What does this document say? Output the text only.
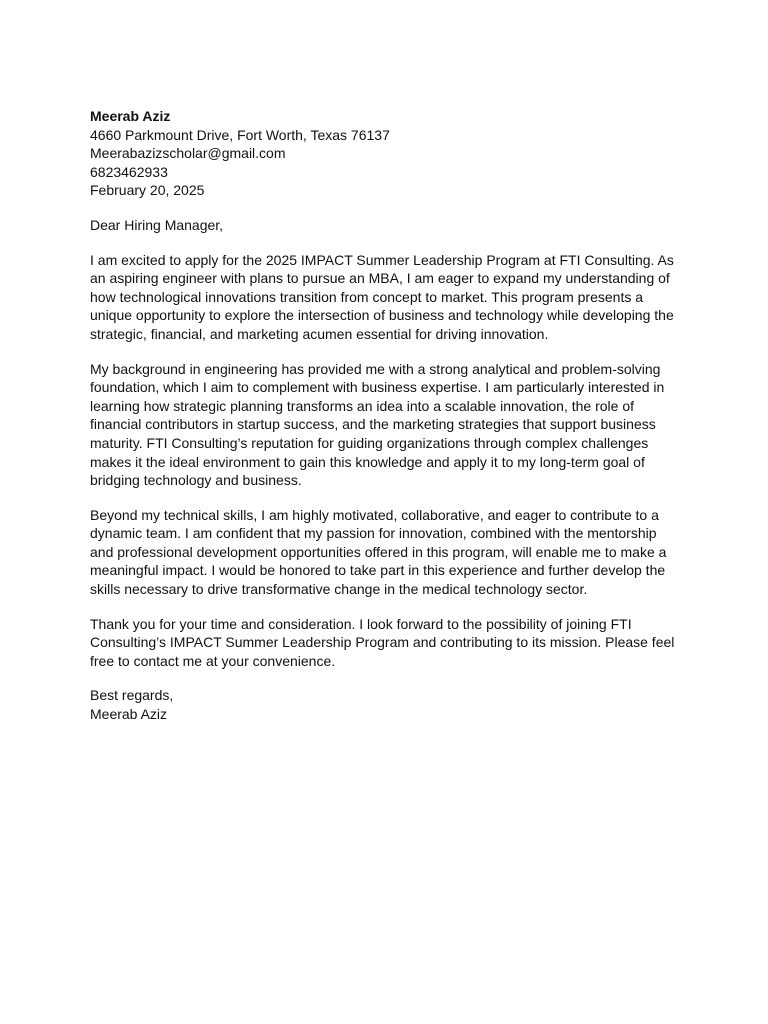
Meerab Aziz
4660 Parkmount Drive, Fort Worth, Texas 76137
Meerabazizscholar@gmail.com
6823462933
February 20, 2025

Dear Hiring Manager,

I am excited to apply for the 2025 IMPACT Summer Leadership Program at FTI Consulting. As an aspiring engineer with plans to pursue an MBA, I am eager to expand my understanding of how technological innovations transition from concept to market. This program presents a unique opportunity to explore the intersection of business and technology while developing the strategic, financial, and marketing acumen essential for driving innovation.

My background in engineering has provided me with a strong analytical and problem-solving foundation, which I aim to complement with business expertise. I am particularly interested in learning how strategic planning transforms an idea into a scalable innovation, the role of financial contributors in startup success, and the marketing strategies that support business maturity. FTI Consulting’s reputation for guiding organizations through complex challenges makes it the ideal environment to gain this knowledge and apply it to my long-term goal of bridging technology and business.

Beyond my technical skills, I am highly motivated, collaborative, and eager to contribute to a dynamic team. I am confident that my passion for innovation, combined with the mentorship and professional development opportunities offered in this program, will enable me to make a meaningful impact. I would be honored to take part in this experience and further develop the skills necessary to drive transformative change in the medical technology sector.

Thank you for your time and consideration. I look forward to the possibility of joining FTI Consulting’s IMPACT Summer Leadership Program and contributing to its mission. Please feel free to contact me at your convenience.

Best regards,
Meerab Aziz
